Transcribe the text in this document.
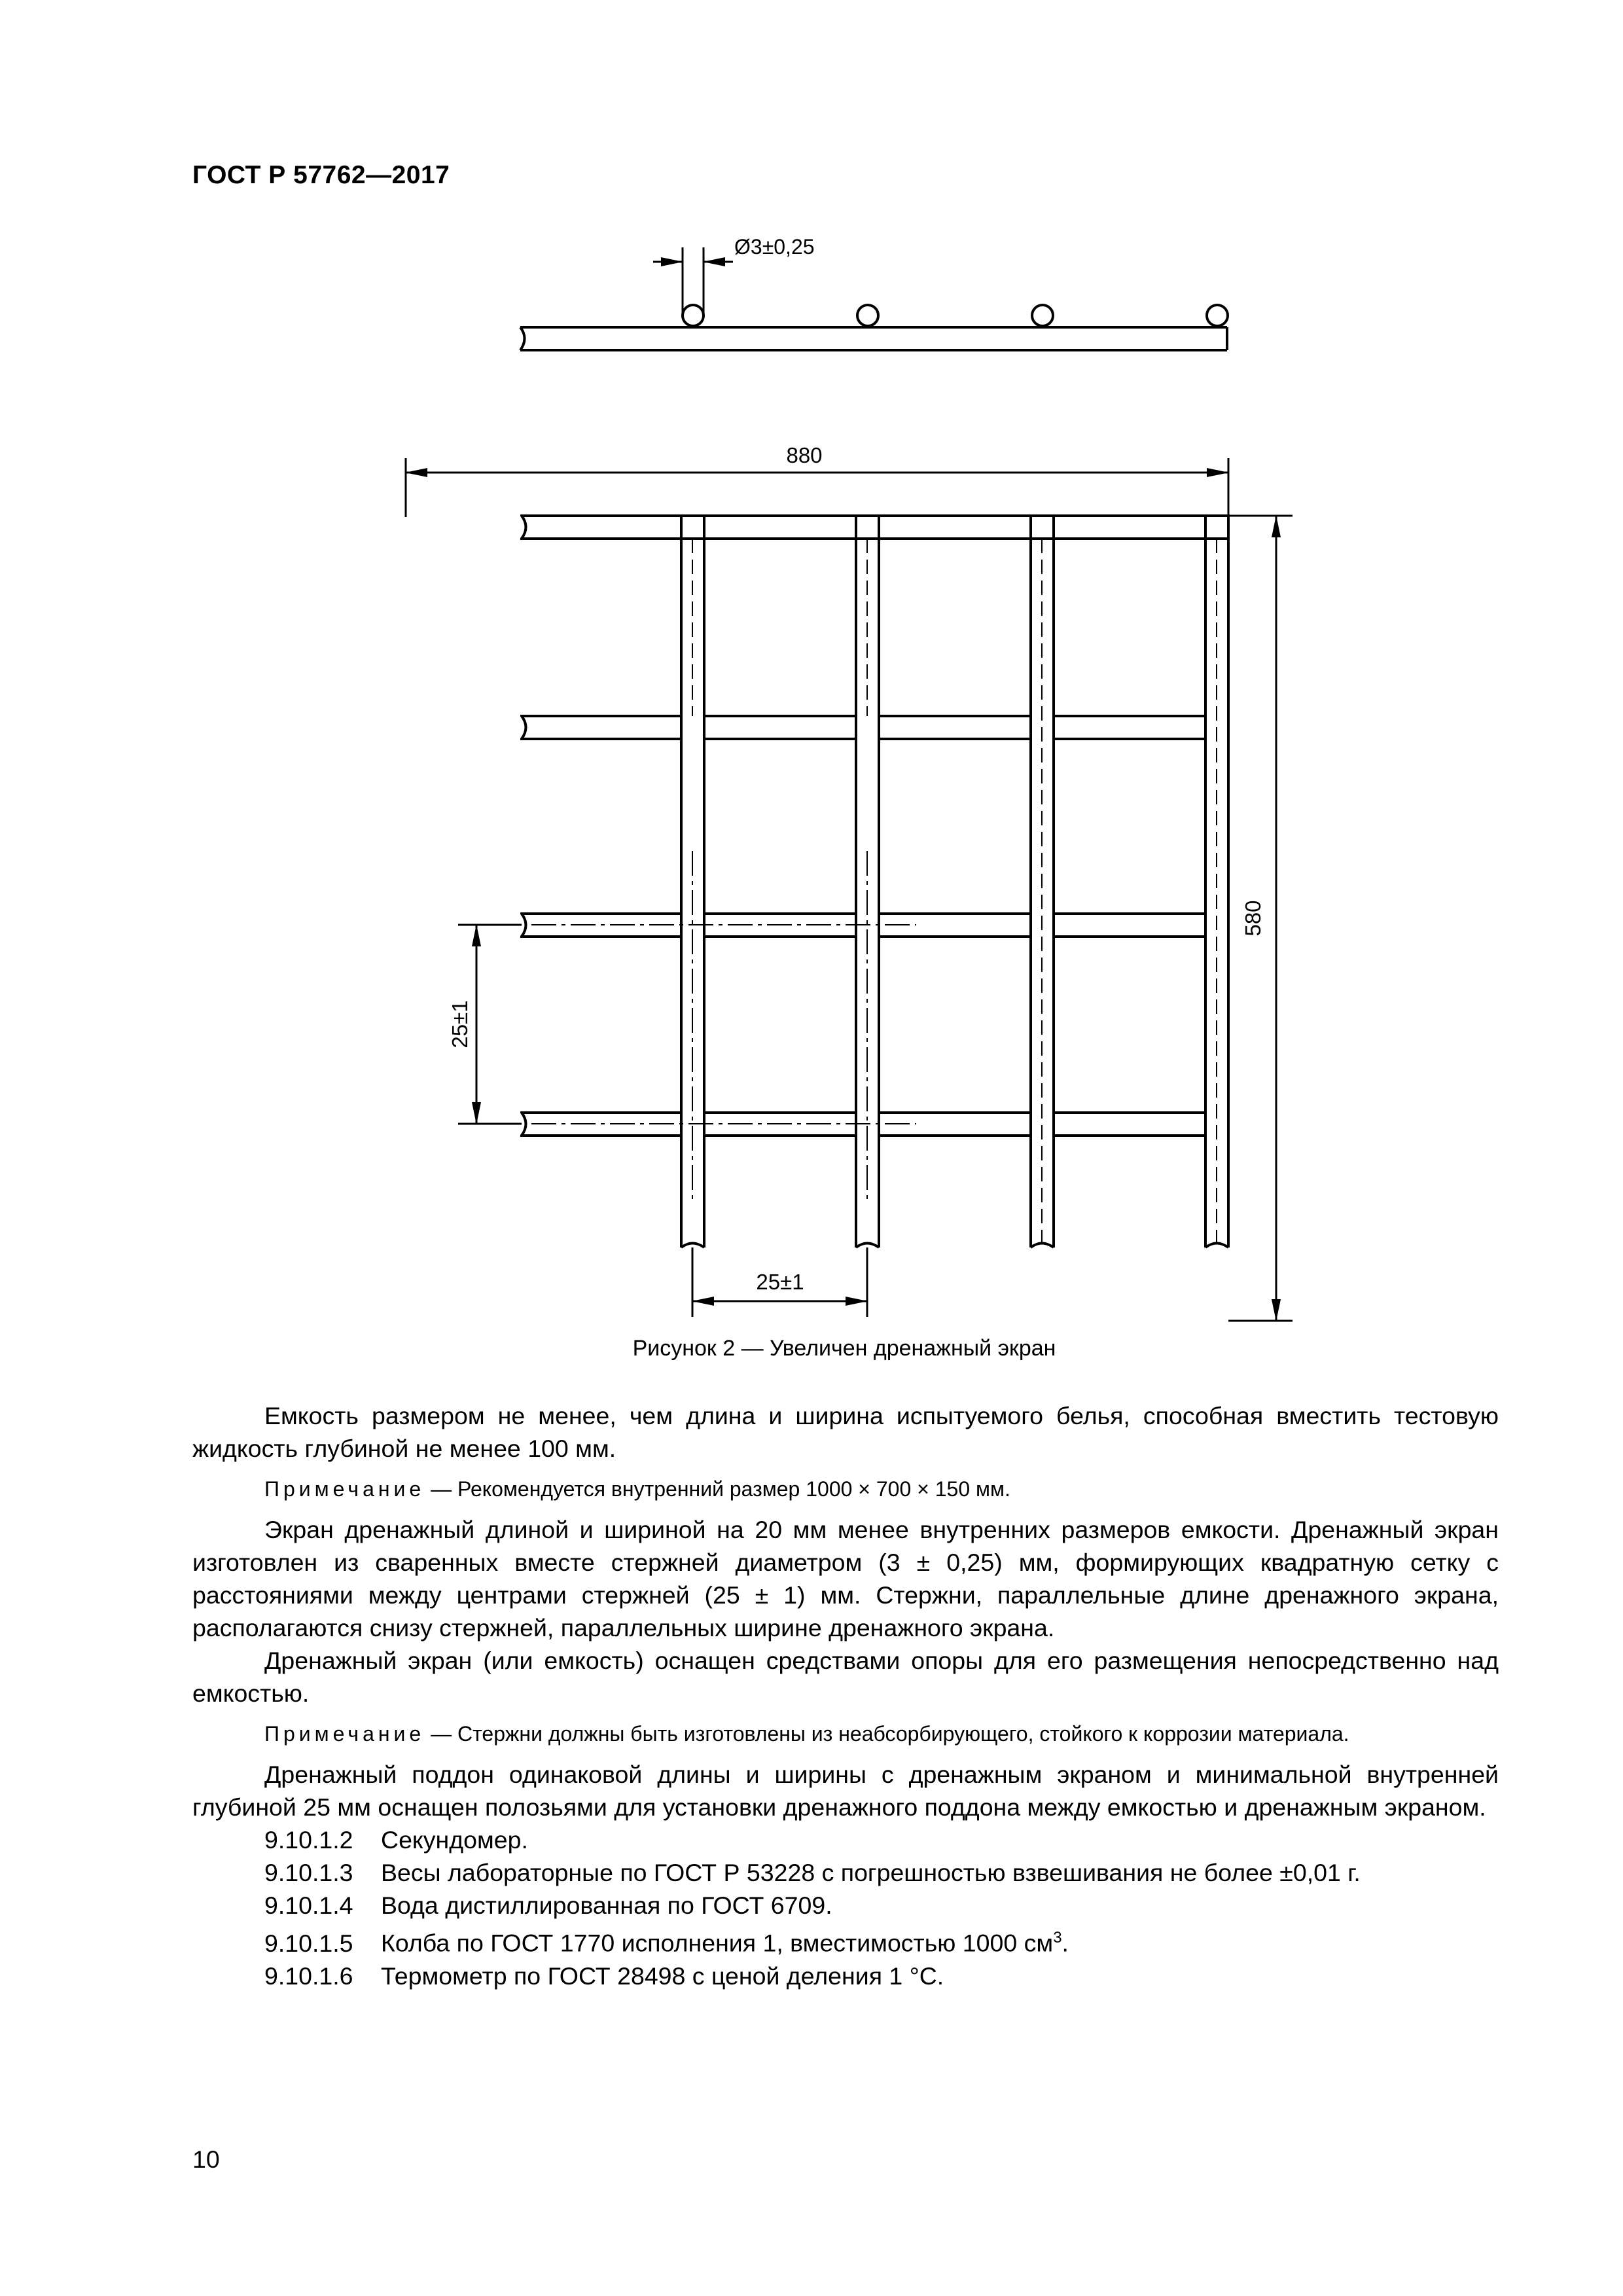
ГОСТ Р 57762—2017
Ø3±0,25
880
580
25±1
25±1
Рисунок 2 — Увеличен дренажный экран

Емкость размером не менее, чем длина и ширина испытуемого белья, способная вместить тестовую жидкость глубиной не менее 100 мм.

Примечание — Рекомендуется внутренний размер 1000 × 700 × 150 мм.

Экран дренажный длиной и шириной на 20 мм менее внутренних размеров емкости. Дренажный экран изготовлен из сваренных вместе стержней диаметром (3 ± 0,25) мм, формирующих квадратную сетку с расстояниями между центрами стержней (25 ± 1) мм. Стержни, параллельные длине дренажного экрана, располагаются снизу стержней, параллельных ширине дренажного экрана.

Дренажный экран (или емкость) оснащен средствами опоры для его размещения непосредственно над емкостью.

Примечание — Стержни должны быть изготовлены из неабсорбирующего, стойкого к коррозии материала.

Дренажный поддон одинаковой длины и ширины с дренажным экраном и минимальной внутренней глубиной 25 мм оснащен полозьями для установки дренажного поддона между емкостью и дренажным экраном.

9.10.1.2 Секундомер.

9.10.1.3 Весы лабораторные по ГОСТ Р 53228 с погрешностью взвешивания не более ±0,01 г.

9.10.1.4 Вода дистиллированная по ГОСТ 6709.

9.10.1.5 Колба по ГОСТ 1770 исполнения 1, вместимостью 1000 $см^3$.

9.10.1.6 Термометр по ГОСТ 28498 с ценой деления 1 °С.

10
